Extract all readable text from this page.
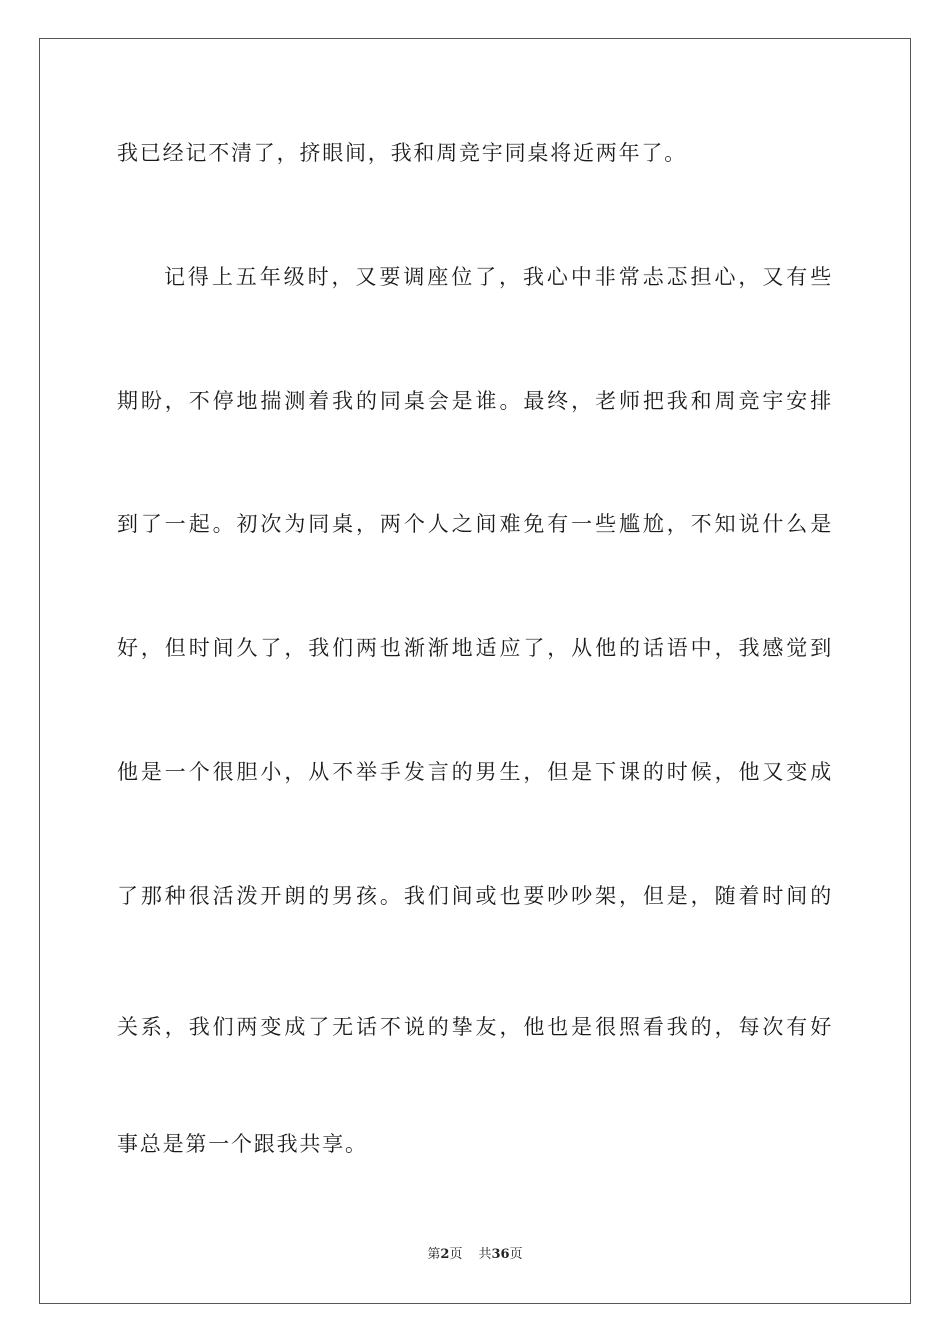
我已经记不清了，挤眼间，我和周竞宇同桌将近两年了。
记得上五年级时，又要调座位了，我心中非常忐忑担心，又有些
期盼，不停地揣测着我的同桌会是谁。最终，老师把我和周竞宇安排
到了一起。初次为同桌，两个人之间难免有一些尴尬，不知说什么是
好，但时间久了，我们两也渐渐地适应了，从他的话语中，我感觉到
他是一个很胆小，从不举手发言的男生，但是下课的时候，他又变成
了那种很活泼开朗的男孩。我们间或也要吵吵架，但是，随着时间的
关系，我们两变成了无话不说的挚友，他也是很照看我的，每次有好
事总是第一个跟我共享。
第2页 共36页
